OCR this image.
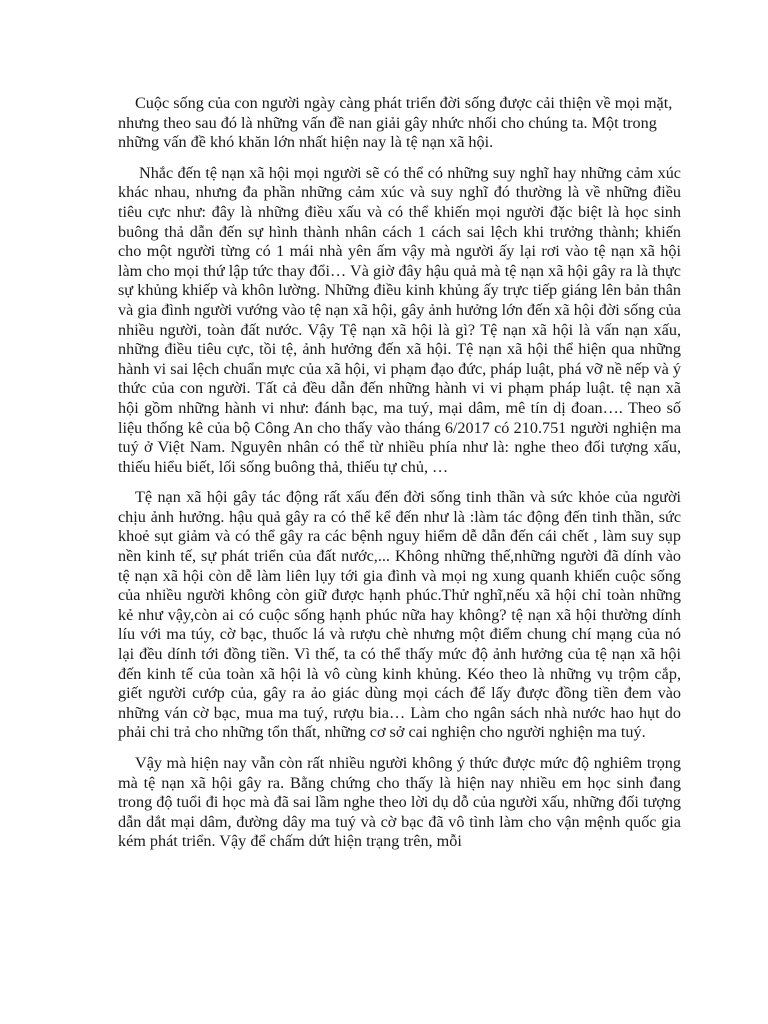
Cuộc sống của con người ngày càng phát triển đời sống được cải thiện về mọi mặt, nhưng theo sau đó là những vấn đề nan giải gây nhức nhối cho chúng ta. Một trong những vấn đề khó khăn lớn nhất hiện nay là tệ nạn xã hội.

Nhắc đến tệ nạn xã hội mọi người sẽ có thể có những suy nghĩ hay những cảm xúc khác nhau, nhưng đa phần những cảm xúc và suy nghĩ đó thường là về những điều tiêu cực như: đây là những điều xấu và có thể khiến mọi người đặc biệt là học sinh buông thả dẫn đến sự hình thành nhân cách 1 cách sai lệch khi trưởng thành; khiến cho một người từng có 1 mái nhà yên ấm vậy mà người ấy lại rơi vào tệ nạn xã hội làm cho mọi thứ lập tức thay đổi… Và giờ đây hậu quả mà tệ nạn xã hội gây ra là thực sự khủng khiếp và khôn lường. Những điều kinh khủng ấy trực tiếp giáng lên bản thân và gia đình người vướng vào tệ nạn xã hội, gây ảnh hưởng lớn đến xã hội đời sống của nhiều người, toàn đất nước. Vậy Tệ nạn xã hội là gì? Tệ nạn xã hội là vấn nạn xấu, những điều tiêu cực, tồi tệ, ảnh hưởng đến xã hội. Tệ nạn xã hội thể hiện qua những hành vi sai lệch chuẩn mực của xã hội, vi phạm đạo đức, pháp luật, phá vỡ nề nếp và ý thức của con người. Tất cả đều dẫn đến những hành vi vi phạm pháp luật. tệ nạn xã hội gồm những hành vi như: đánh bạc, ma tuý, mại dâm, mê tín dị đoan…. Theo số liệu thống kê của bộ Công An cho thấy vào tháng 6/2017 có 210.751 người nghiện ma tuý ở Việt Nam. Nguyên nhân có thể từ nhiều phía như là: nghe theo đối tượng xấu, thiếu hiểu biết, lối sống buông thả, thiếu tự chủ, …

Tệ nạn xã hội gây tác động rất xấu đến đời sống tinh thần và sức khỏe của người chịu ảnh hưởng. hậu quả gây ra có thể kể đến như là :làm tác động đến tinh thần, sức khoẻ sụt giảm và có thể gây ra các bệnh nguy hiểm dễ dẫn đến cái chết , làm suy sụp nền kinh tế, sự phát triển của đất nước,... Không những thế,những người đã dính vào tệ nạn xã hội còn dễ làm liên lụy tới gia đình và mọi ng xung quanh khiến cuộc sống của nhiều người không còn giữ được hạnh phúc.Thử nghĩ,nếu xã hội chỉ toàn những kẻ như vậy,còn ai có cuộc sống hạnh phúc nữa hay không? tệ nạn xã hội thường dính líu với ma túy, cờ bạc, thuốc lá và rượu chè nhưng một điểm chung chí mạng của nó lại đều dính tới đồng tiền. Vì thế, ta có thể thấy mức độ ảnh hưởng của tệ nạn xã hội đến kinh tế của toàn xã hội là vô cùng kinh khủng. Kéo theo là những vụ trộm cắp, giết người cướp của, gây ra ảo giác dùng mọi cách để lấy được đồng tiền đem vào những ván cờ bạc, mua ma tuý, rượu bia… Làm cho ngân sách nhà nước hao hụt do phải chi trả cho những tổn thất, những cơ sở cai nghiện cho người nghiện ma tuý.

Vậy mà hiện nay vẫn còn rất nhiều người không ý thức được mức độ nghiêm trọng mà tệ nạn xã hội gây ra. Bằng chứng cho thấy là hiện nay nhiều em học sinh đang trong độ tuổi đi học mà đã sai lầm nghe theo lời dụ dỗ của người xấu, những đối tượng dẫn dắt mại dâm, đường dây ma tuý và cờ bạc đã vô tình làm cho vận mệnh quốc gia kém phát triển. Vậy để chấm dứt hiện trạng trên, mỗi
